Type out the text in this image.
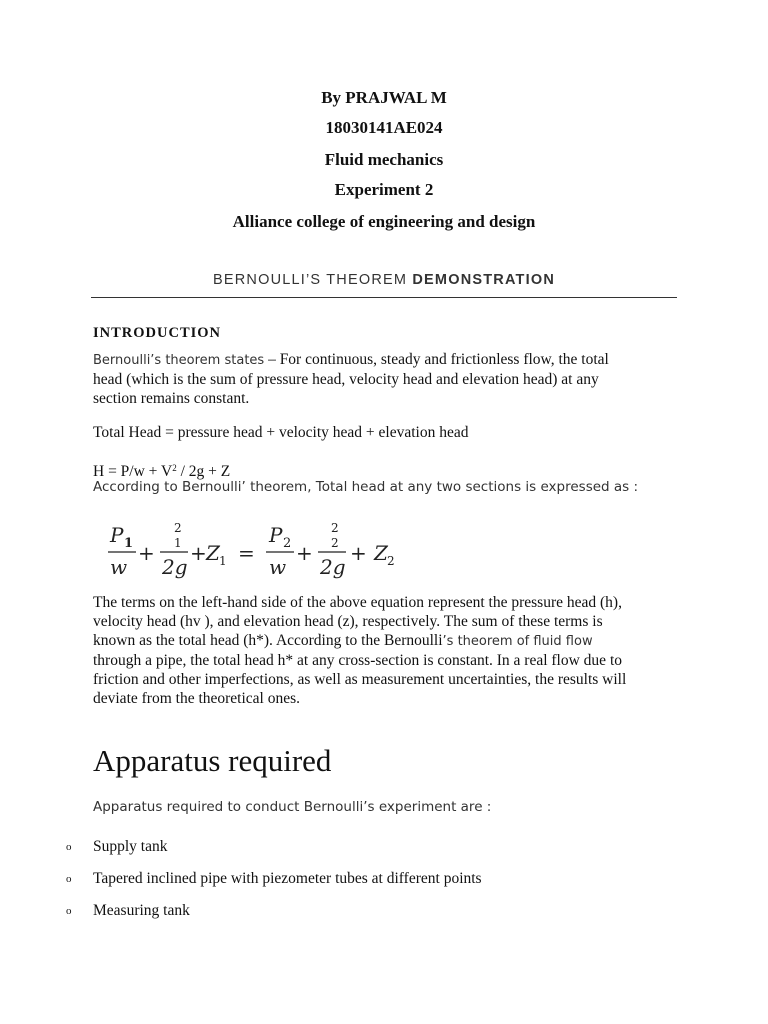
By PRAJWAL M
18030141AE024
Fluid mechanics
Experiment 2
Alliance college of engineering and design
BERNOULLI’S THEOREM DEMONSTRATION
INTRODUCTION
Bernoulli’s theorem states – For continuous, steady and frictionless flow, the total
head (which is the sum of pressure head, velocity head and elevation head) at any
section remains constant.
Total Head = pressure head + velocity head + elevation head
$H = P/w + V^2 / 2g + Z$
According to Bernoulli’ theorem, Total head at any two sections is expressed as :
P 1
w
+
2
1
2g
+ Z 1 =
P 2
w
+
2
2
2g
+ Z 2
The terms on the left-hand side of the above equation represent the pressure head (h),
velocity head (hv ), and elevation head (z), respectively. The sum of these terms is
known as the total head (h*). According to the Bernoulli’s theorem of fluid flow
through a pipe, the total head h* at any cross-section is constant. In a real flow due to
friction and other imperfections, as well as measurement uncertainties, the results will
deviate from the theoretical ones.
Apparatus required
Apparatus required to conduct Bernoulli’s experiment are :
o Supply tank
o Tapered inclined pipe with piezometer tubes at different points
o Measuring tank
